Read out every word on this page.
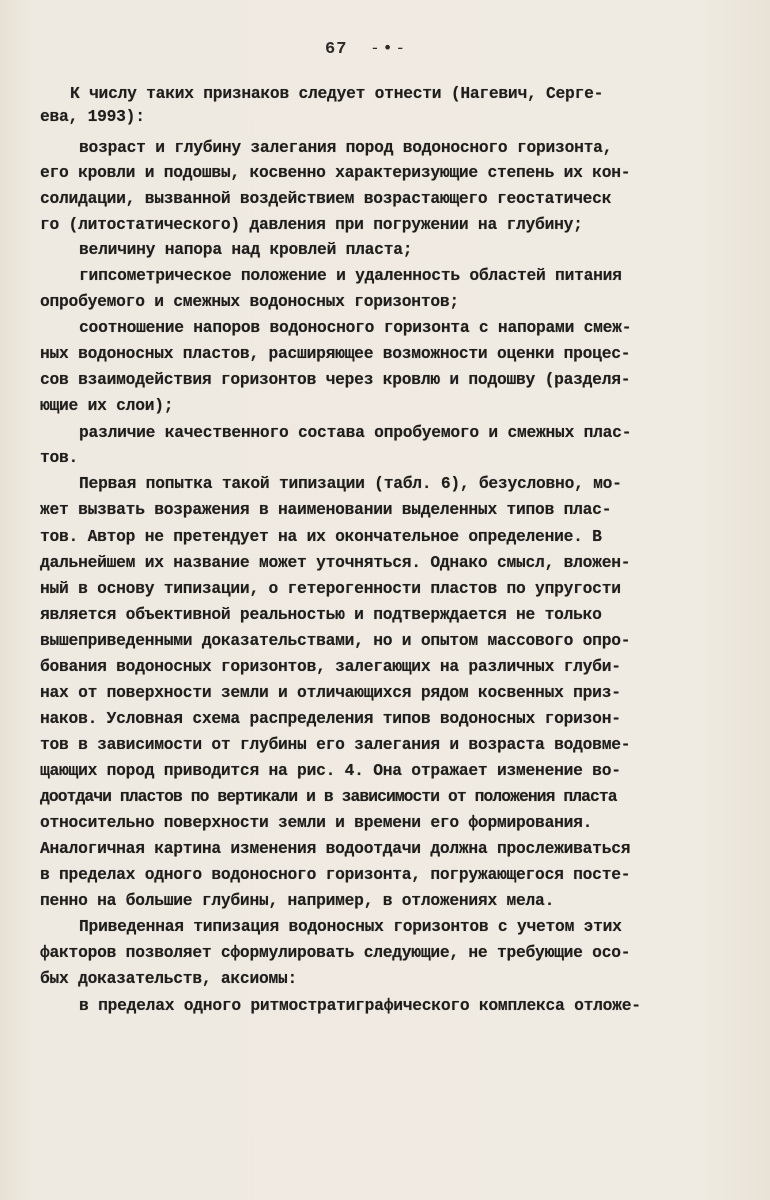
67 - • -
К числу таких признаков следует отнести (Нагевич, Серге-
ева, 1993):
возраст и глубину залегания пород водоносного горизонта,
его кровли и подошвы, косвенно характеризующие степень их кон-
солидации, вызванной воздействием возрастающего геостатическ
го (литостатического) давления при погружении на глубину;
величину напора над кровлей пласта;
гипсометрическое положение и удаленность областей питания
опробуемого и смежных водоносных горизонтов;
соотношение напоров водоносного горизонта с напорами смеж-
ных водоносных пластов, расширяющее возможности оценки процес-
сов взаимодействия горизонтов через кровлю и подошву (разделя-
ющие их слои);
различие качественного состава опробуемого и смежных плас-
тов.
Первая попытка такой типизации (табл. 6), безусловно, мо-
жет вызвать возражения в наименовании выделенных типов плас-
тов. Автор не претендует на их окончательное определение. В
дальнейшем их название может уточняться. Однако смысл, вложен-
ный в основу типизации, о гетерогенности пластов по упругости
является объективной реальностью и подтверждается не только
вышеприведенными доказательствами, но и опытом массового опро-
бования водоносных горизонтов, залегающих на различных глуби-
нах от поверхности земли и отличающихся рядом косвенных приз-
наков. Условная схема распределения типов водоносных горизон-
тов в зависимости от глубины его залегания и возраста водовме-
щающих пород приводится на рис. 4. Она отражает изменение во-
доотдачи пластов по вертикали и в зависимости от положения пласта
относительно поверхности земли и времени его формирования.
Аналогичная картина изменения водоотдачи должна прослеживаться
в пределах одного водоносного горизонта, погружающегося посте-
пенно на большие глубины, например, в отложениях мела.
Приведенная типизация водоносных горизонтов с учетом этих
факторов позволяет сформулировать следующие, не требующие осо-
бых доказательств, аксиомы:
в пределах одного ритмостратиграфического комплекса отложе-
